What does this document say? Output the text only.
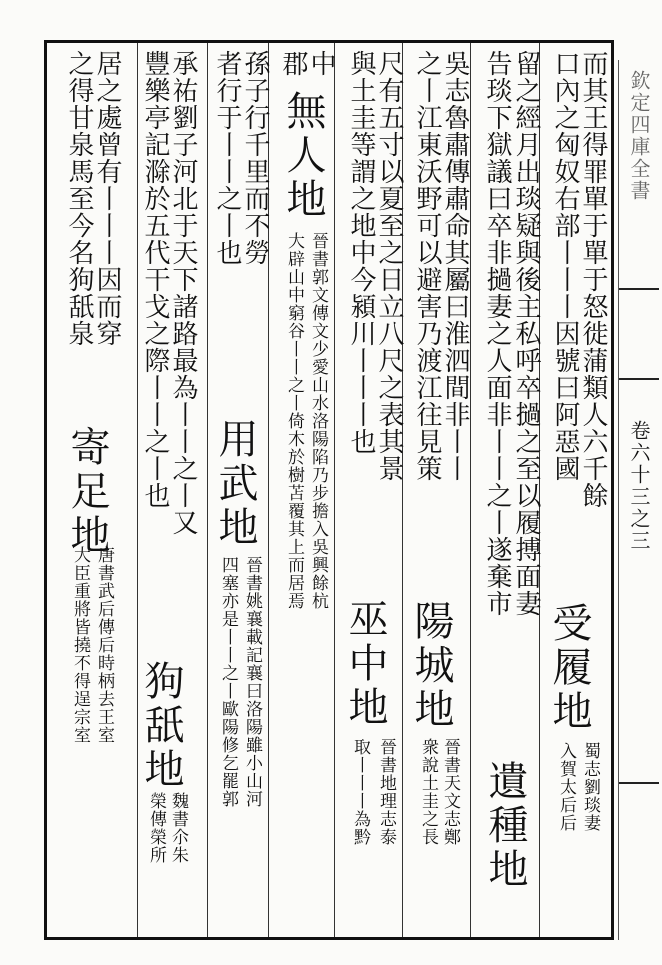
而其王得罪單于單于怒徙蒲類人六千餘
口內之匈奴右部丨丨丨因號曰阿惡國
受履地
蜀志劉琰妻
入賀太后后
留之經月出琰疑與後主私呼卒撾之至以履搏面妻
告琰下獄議曰卒非撾妻之人面非丨丨之丨遂棄市
遺種地
吳志魯肅傳肅命其屬曰淮泗間非丨丨
之丨江東沃野可以避害乃渡江往見策
陽城地
晉書天文志鄭
衆說土圭之長
尺有五寸以夏至之日立八尺之表其景
與土圭等謂之地中今潁川丨丨丨也
巫中地
晉書地理志泰
取丨丨丨為黔
中
郡
無人地
晉書郭文傳文少愛山水洛陽陷乃步擔入吳興餘杭
大辟山中窮谷丨丨之丨倚木於樹苫覆其上而居焉
孫子行千里而不勞
者行于丨丨之丨也
用武地
晉書姚襄載記襄曰洛陽雖小山河
四塞亦是丨丨之丨歐陽修乞罷郭
承祐劉子河北于天下諸路最為丨丨之丨又
豐樂亭記滁於五代干戈之際丨丨之丨也
狗舐地
魏書尒朱
榮傳榮所
居之處曾有丨丨丨因而穿
之得甘泉馬至今名狗舐泉
寄足地
唐書武后傳后時柄去王室
大臣重將皆撓不得逞宗室
欽定四庫全書
卷六十三之三
